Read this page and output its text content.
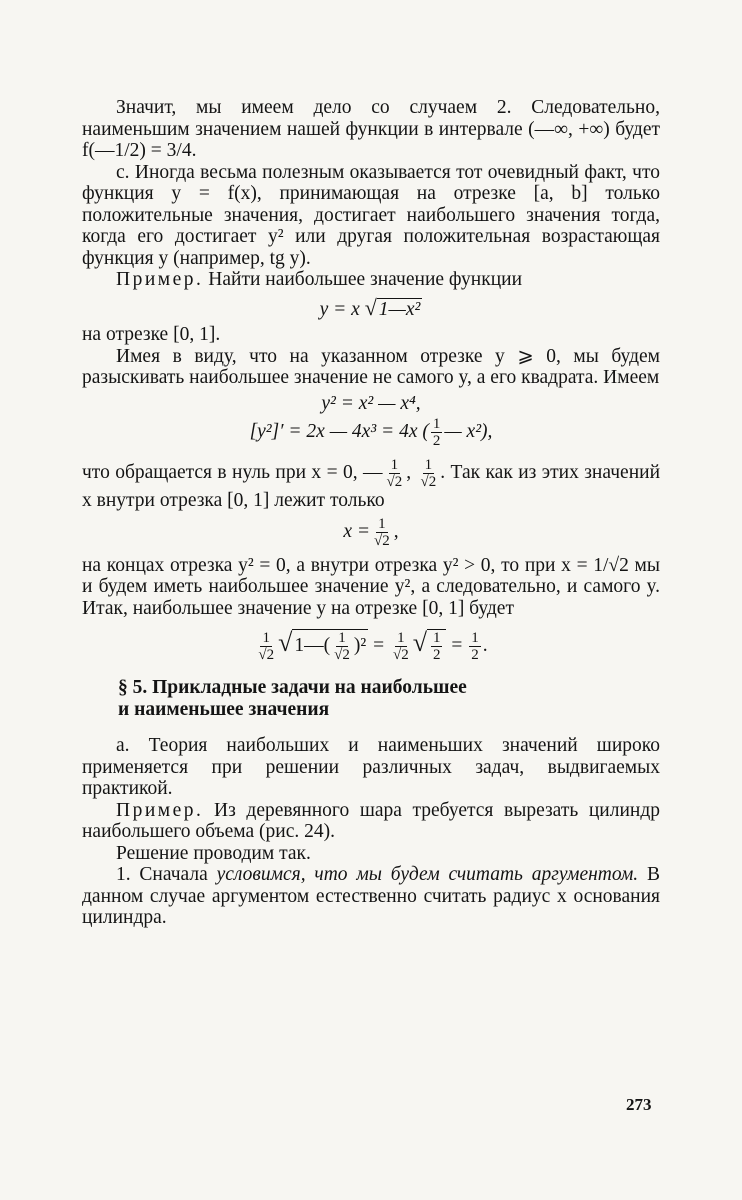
Значит, мы имеем дело со случаем 2. Следовательно, наименьшим значением нашей функции в интервале (—∞, +∞) будет f(—1/2) = 3/4.

с. Иногда весьма полезным оказывается тот очевидный факт, что функция y = f(x), принимающая на отрезке [a, b] только положительные значения, достигает наибольшего значения тогда, когда его достигает y² или другая положительная возрастающая функция y (например, tg y).

Пример. Найти наибольшее значение функции

y = x √ 1—x²

на отрезке [0, 1].

Имея в виду, что на указанном отрезке y ⩾ 0, мы будем разыскивать наибольшее значение не самого y, а его квадрата. Имеем

y² = x² — x⁴,
[y²]′ = 2x — 4x³ = 4x ( $\frac{1}{2}$ — x²),

что обращается в нуль при x = 0, — $\frac{1}{√2}$ , $\frac{1}{√2}$ . Так как из этих значений x внутри отрезка [0, 1] лежит только

$x = \frac{1}{√2}$ ,

на концах отрезка y² = 0, а внутри отрезка y² > 0, то при x = 1/√2 мы и будем иметь наибольшее значение y², а следовательно, и самого y. Итак, наибольшее значение y на отрезке [0, 1] будет

$\frac{1}{√2}$ √ 1—( $\frac{1}{√2} )^2 = \frac{1}{√2}$ √ $\frac{1}{2} = \frac{1}{2}$ .
§ 5. Прикладные задачи на наибольшее
и наименьшее значения

а. Теория наибольших и наименьших значений широко применяется при решении различных задач, выдвигаемых практикой.

Пример. Из деревянного шара требуется вырезать цилиндр наибольшего объема (рис. 24).

Решение проводим так.

1. Сначала условимся, что мы будем считать аргументом. В данном случае аргументом естественно считать радиус x основания цилиндра.

273
